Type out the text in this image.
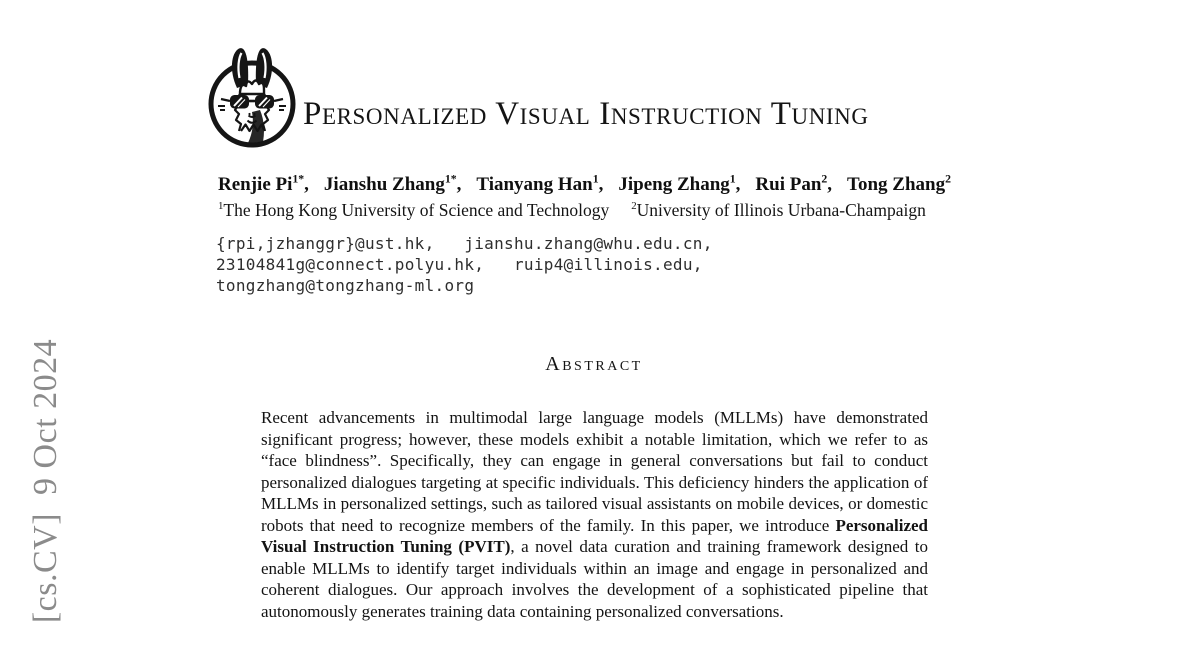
[cs.CV]  9 Oct 2024
Personalized Visual Instruction Tuning
Renjie $Pi^{1*}$, Jianshu Zhang$^{1*}$, Tianyang Han$^1$, Jipeng Zhang$^1$, Rui Pan$^2$, Tong Zhang$^2$
$^1$The Hong Kong University of Science and Technology $^2$University of Illinois Urbana-Champaign
{rpi,jzhanggr}@ust.hk,   jianshu.zhang@whu.edu.cn,
23104841g@connect.polyu.hk,   ruip4@illinois.edu,
tongzhang@tongzhang-ml.org
Abstract
Recent advancements in multimodal large language models (MLLMs) have demonstrated significant progress; however, these models exhibit a notable limitation, which we refer to as “face blindness”. Specifically, they can engage in general conversations but fail to conduct personalized dialogues targeting at specific individuals. This deficiency hinders the application of MLLMs in personalized settings, such as tailored visual assistants on mobile devices, or domestic robots that need to recognize members of the family. In this paper, we introduce Personalized Visual Instruction Tuning (PVIT), a novel data curation and training framework designed to enable MLLMs to identify target individuals within an image and engage in personalized and coherent dialogues. Our approach involves the development of a sophisticated pipeline that autonomously generates training data containing personalized conversations.
